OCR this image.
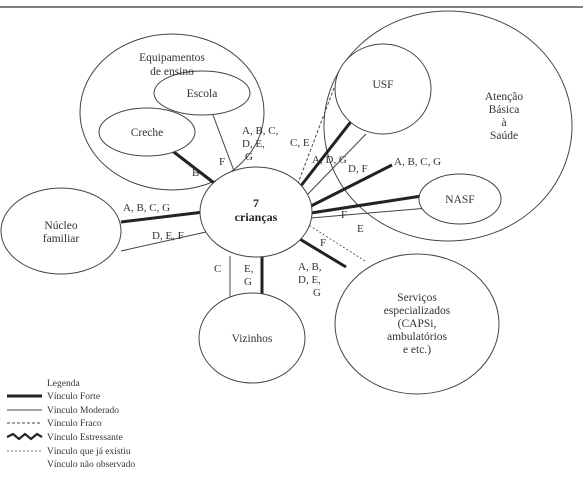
Equipamentos
de ensino
Escola
Creche
Atenção
Básica
à
Saúde
USF
NASF
7
crianças
Núcleo
familiar
Vizinhos
Serviços
especializados
(CAPSi,
ambulatórios
e etc.)
B
F
A, B, C,
D, E,
G
C, E
A, D, G
D, F
A, B, C, G
F
E
F
A, B,
D, E,
G
A, B, C, G
D, E, F
C E,
G
Legenda
Vínculo Forte
Vínculo Moderado
Vínculo Fraco
Vínculo Estressante
Vínculo que já existiu
Vínculo não observado
